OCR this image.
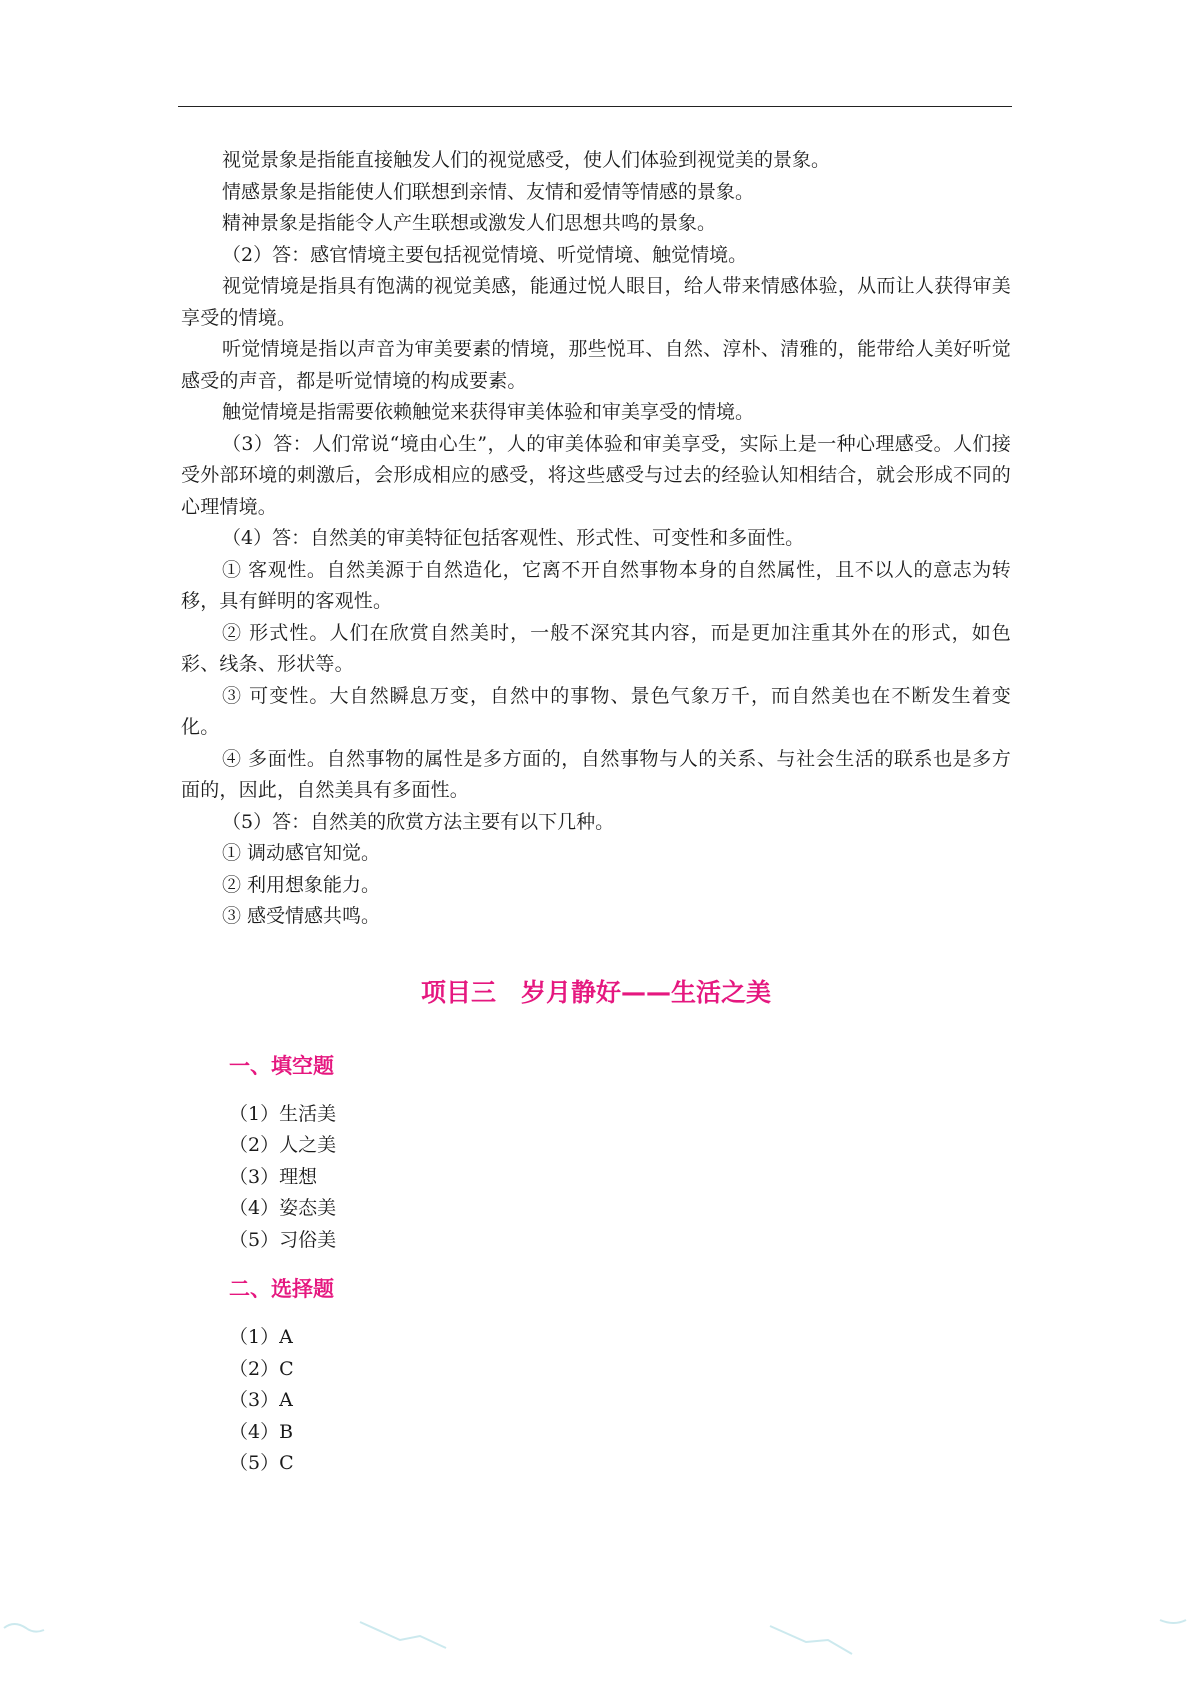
视觉景象是指能直接触发人们的视觉感受，使人们体验到视觉美的景象。

情感景象是指能使人们联想到亲情、友情和爱情等情感的景象。

精神景象是指能令人产生联想或激发人们思想共鸣的景象。

（2）答：感官情境主要包括视觉情境、听觉情境、触觉情境。

视觉情境是指具有饱满的视觉美感，能通过悦人眼目，给人带来情感体验，从而让人获得审美享受的情境。

听觉情境是指以声音为审美要素的情境，那些悦耳、自然、淳朴、清雅的，能带给人美好听觉感受的声音，都是听觉情境的构成要素。

触觉情境是指需要依赖触觉来获得审美体验和审美享受的情境。

（3）答：人们常说“境由心生”，人的审美体验和审美享受，实际上是一种心理感受。人们接受外部环境的刺激后，会形成相应的感受，将这些感受与过去的经验认知相结合，就会形成不同的心理情境。

（4）答：自然美的审美特征包括客观性、形式性、可变性和多面性。

① 客观性。自然美源于自然造化，它离不开自然事物本身的自然属性，且不以人的意志为转移，具有鲜明的客观性。

② 形式性。人们在欣赏自然美时，一般不深究其内容，而是更加注重其外在的形式，如色彩、线条、形状等。

③ 可变性。大自然瞬息万变，自然中的事物、景色气象万千，而自然美也在不断发生着变化。

④ 多面性。自然事物的属性是多方面的，自然事物与人的关系、与社会生活的联系也是多方面的，因此，自然美具有多面性。

（5）答：自然美的欣赏方法主要有以下几种。

① 调动感官知觉。

② 利用想象能力。

③ 感受情感共鸣。

项目三　岁月静好——生活之美
一、填空题
（1）生活美
（2）人之美
（3）理想
（4）姿态美
（5）习俗美
二、选择题
（1）A
（2）C
（3）A
（4）B
（5）C
